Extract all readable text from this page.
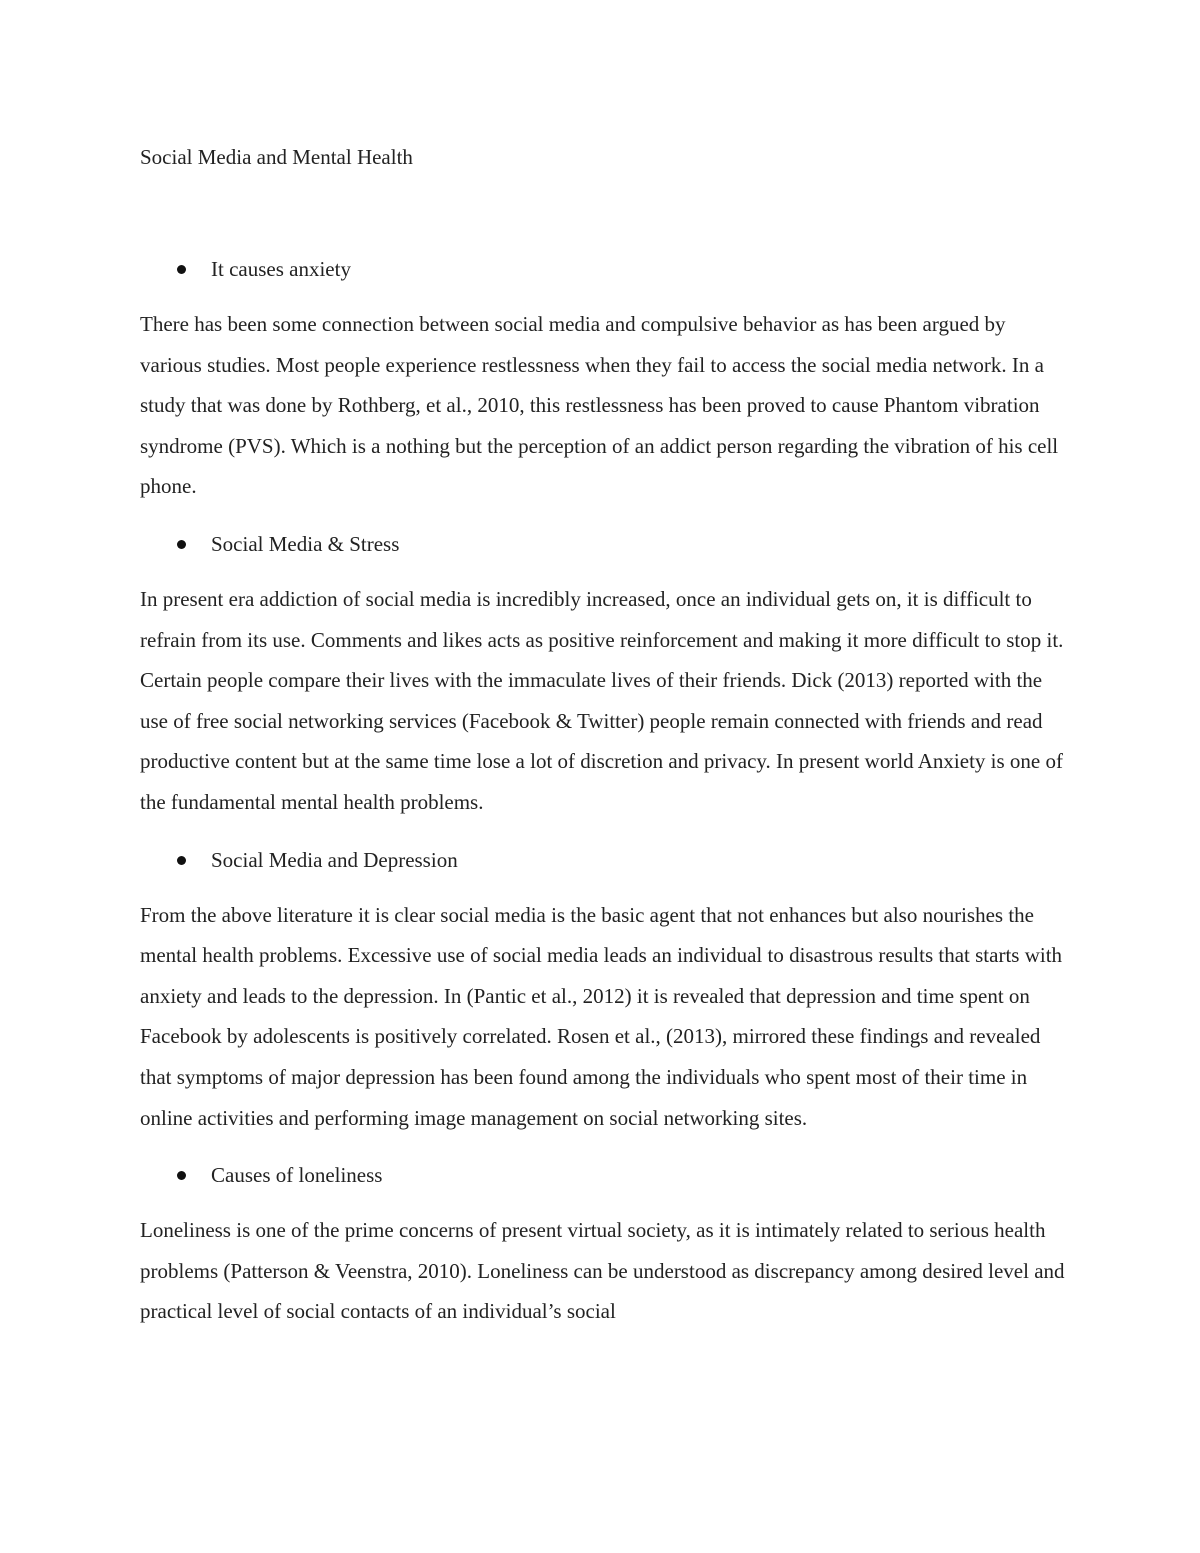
Social Media and Mental Health

It causes anxiety

There has been some connection between social media and compulsive behavior as has been argued by various studies. Most people experience restlessness when they fail to access the social media network. In a study that was done by Rothberg, et al., 2010, this restlessness has been proved to cause Phantom vibration syndrome (PVS). Which is a nothing but the perception of an addict person regarding the vibration of his cell phone.

Social Media & Stress

In present era addiction of social media is incredibly increased, once an individual gets on, it is difficult to refrain from its use. Comments and likes acts as positive reinforcement and making it more difficult to stop it. Certain people compare their lives with the immaculate lives of their friends. Dick (2013) reported with the use of free social networking services (Facebook & Twitter) people remain connected with friends and read productive content but at the same time lose a lot of discretion and privacy. In present world Anxiety is one of the fundamental mental health problems.

Social Media and Depression

From the above literature it is clear social media is the basic agent that not enhances but also nourishes the mental health problems. Excessive use of social media leads an individual to disastrous results that starts with anxiety and leads to the depression. In (Pantic et al., 2012) it is revealed that depression and time spent on Facebook by adolescents is positively correlated. Rosen et al., (2013), mirrored these findings and revealed that symptoms of major depression has been found among the individuals who spent most of their time in online activities and performing image management on social networking sites.

Causes of loneliness

Loneliness is one of the prime concerns of present virtual society, as it is intimately related to serious health problems (Patterson & Veenstra, 2010). Loneliness can be understood as discrepancy among desired level and practical level of social contacts of an individual’s social
